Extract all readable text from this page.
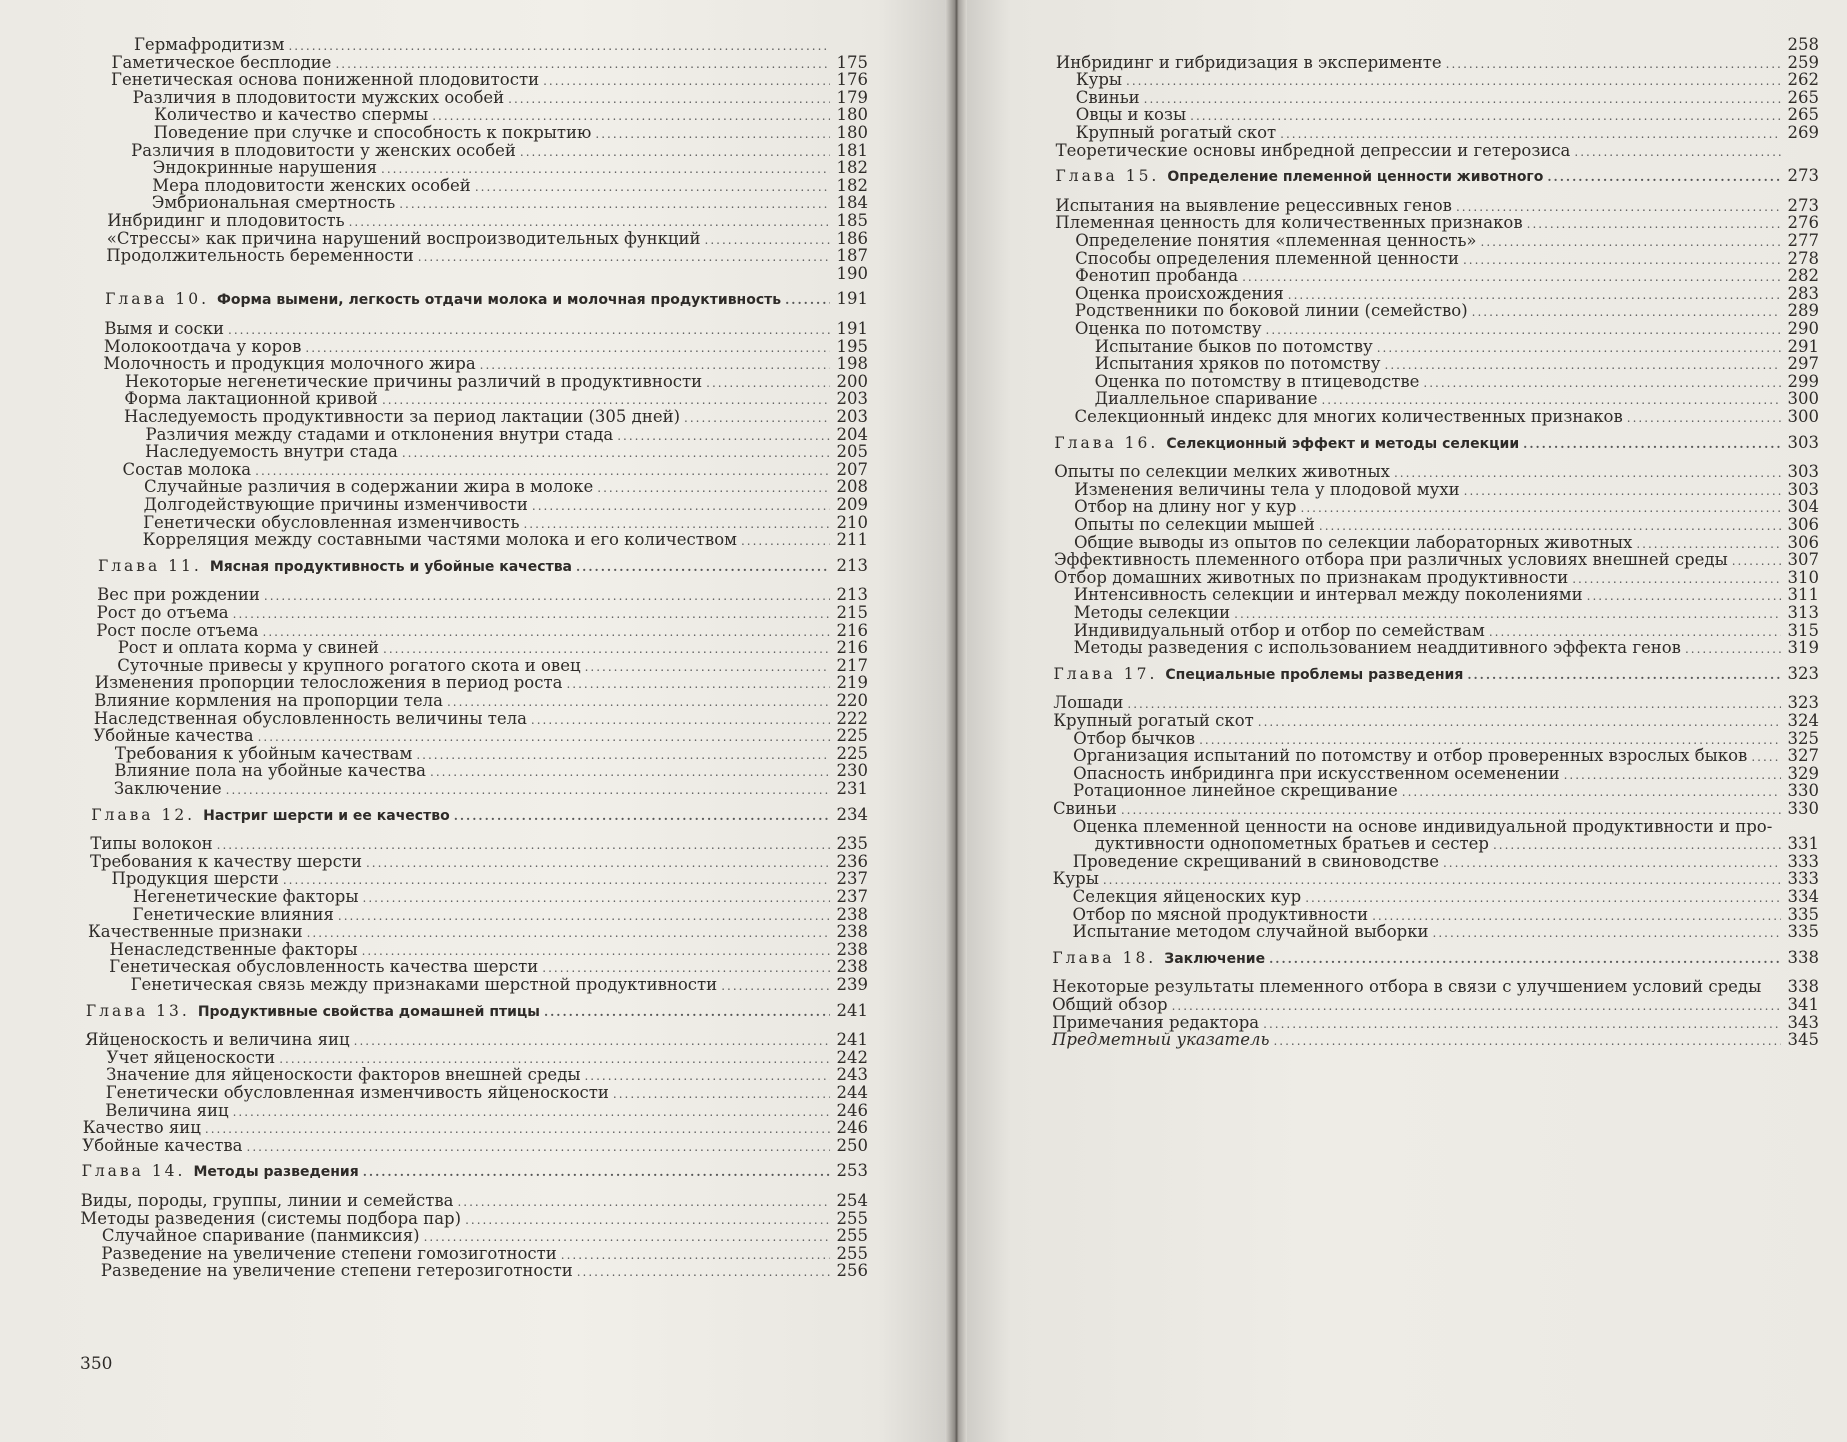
Гермафродитизм
.....
Гаметическое бесплодие .....	175
Генетическая основа пониженной плодовитости .....	176
Различия в плодовитости мужских особей .....	179
Количество и качество спермы .....	180
Поведение при случке и способность к покрытию .....	180
Различия в плодовитости у женских особей .....	181
Эндокринные нарушения .....	182
Мера плодовитости женских особей .....	182
Эмбриональная смертность .....	184
Инбридинг и плодовитость .....	185
«Стрессы» как причина нарушений воспроизводительных функций .....	186
Продолжительность беременности .....	187
190
Глава 10. Форма вымени, легкость отдачи молока и молочная продуктивность .....	191
Вымя и соски .....	191
Молокоотдача у коров .....	195
Молочность и продукция молочного жира .....	198
Некоторые негенетические причины различий в продуктивности .....	200
Форма лактационной кривой .....	203
Наследуемость продуктивности за период лактации (305 дней) .....	203
Различия между стадами и отклонения внутри стада .....	204
Наследуемость внутри стада .....	205
Состав молока .....	207
Случайные различия в содержании жира в молоке .....	208
Долгодействующие причины изменчивости .....	209
Генетически обусловленная изменчивость .....	210
Корреляция между составными частями молока и его количеством .....	211
Глава 11. Мясная продуктивность и убойные качества .....	213
Вес при рождении .....	213
Рост до отъема .....	215
Рост после отъема .....	216
Рост и оплата корма у свиней .....	216
Суточные привесы у крупного рогатого скота и овец .....	217
Изменения пропорции телосложения в период роста .....	219
Влияние кормления на пропорции тела .....	220
Наследственная обусловленность величины тела .....	222
Убойные качества .....	225
Требования к убойным качествам .....	225
Влияние пола на убойные качества .....	230
Заключение .....	231
Глава 12. Настриг шерсти и ее качество .....	234
Типы волокон .....	235
Требования к качеству шерсти .....	236
Продукция шерсти .....	237
Негенетические факторы .....	237
Генетические влияния .....	238
Качественные признаки .....	238
Ненаследственные факторы .....	238
Генетическая обусловленность качества шерсти .....	238
Генетическая связь между признаками шерстной продуктивности .....	239
Глава 13. Продуктивные свойства домашней птицы .....	241
Яйценоскость и величина яиц .....	241
Учет яйценоскости .....	242
Значение для яйценоскости факторов внешней среды .....	243
Генетически обусловленная изменчивость яйценоскости .....	244
Величина яиц .....	246
Качество яиц .....	246
Убойные качества .....	250
Глава 14. Методы разведения .....	253
Виды, породы, группы, линии и семейства .....	254
Методы разведения (системы подбора пар) .....	255
Случайное спаривание (панмиксия) .....	255
Разведение на увеличение степени гомозиготности .....	255
Разведение на увеличение степени гетерозиготности .....	256
350
258
Инбридинг и гибридизация в эксперименте .....	259
Куры .....	262
Свиньи .....	265
Овцы и козы .....	265
Крупный рогатый скот .....	269
Теоретические основы инбредной депрессии и гетерозиса
.....
Глава 15. Определение племенной ценности животного .....	273
Испытания на выявление рецессивных генов .....	273
Племенная ценность для количественных признаков .....	276
Определение понятия «племенная ценность» .....	277
Способы определения племенной ценности .....	278
Фенотип пробанда .....	282
Оценка происхождения .....	283
Родственники по боковой линии (семейство) .....	289
Оценка по потомству .....	290
Испытание быков по потомству .....	291
Испытания хряков по потомству .....	297
Оценка по потомству в птицеводстве .....	299
Диаллельное спаривание .....	300
Селекционный индекс для многих количественных признаков .....	300
Глава 16. Селекционный эффект и методы селекции .....	303
Опыты по селекции мелких животных .....	303
Изменения величины тела у плодовой мухи .....	303
Отбор на длину ног у кур .....	304
Опыты по селекции мышей .....	306
Общие выводы из опытов по селекции лабораторных животных .....	306
Эффективность племенного отбора при различных условиях внешней среды .....	307
Отбор домашних животных по признакам продуктивности .....	310
Интенсивность селекции и интервал между поколениями .....	311
Методы селекции .....	313
Индивидуальный отбор и отбор по семействам .....	315
Методы разведения с использованием неаддитивного эффекта генов .....	319
Глава 17. Специальные проблемы разведения .....	323
Лошади .....	323
Крупный рогатый скот .....	324
Отбор бычков .....	325
Организация испытаний по потомству и отбор проверенных взрослых быков ..... 327
Опасность инбридинга при искусственном осеменении .....	329
Ротационное линейное скрещивание .....	330
Свиньи .....	330
Оценка племенной ценности на основе индивидуальной продуктивности и про-
дуктивности однопометных братьев и сестер .....	331
Проведение скрещиваний в свиноводстве .....	333
Куры .....	333
Селекция яйценоских кур .....	334
Отбор по мясной продуктивности .....	335
Испытание методом случайной выборки .....	335
Глава 18. Заключение .....	338
Некоторые результаты племенного отбора в связи с улучшением условий среды 338
Общий обзор .....	341
Примечания редактора .....	343
Предметный указатель .....	345
